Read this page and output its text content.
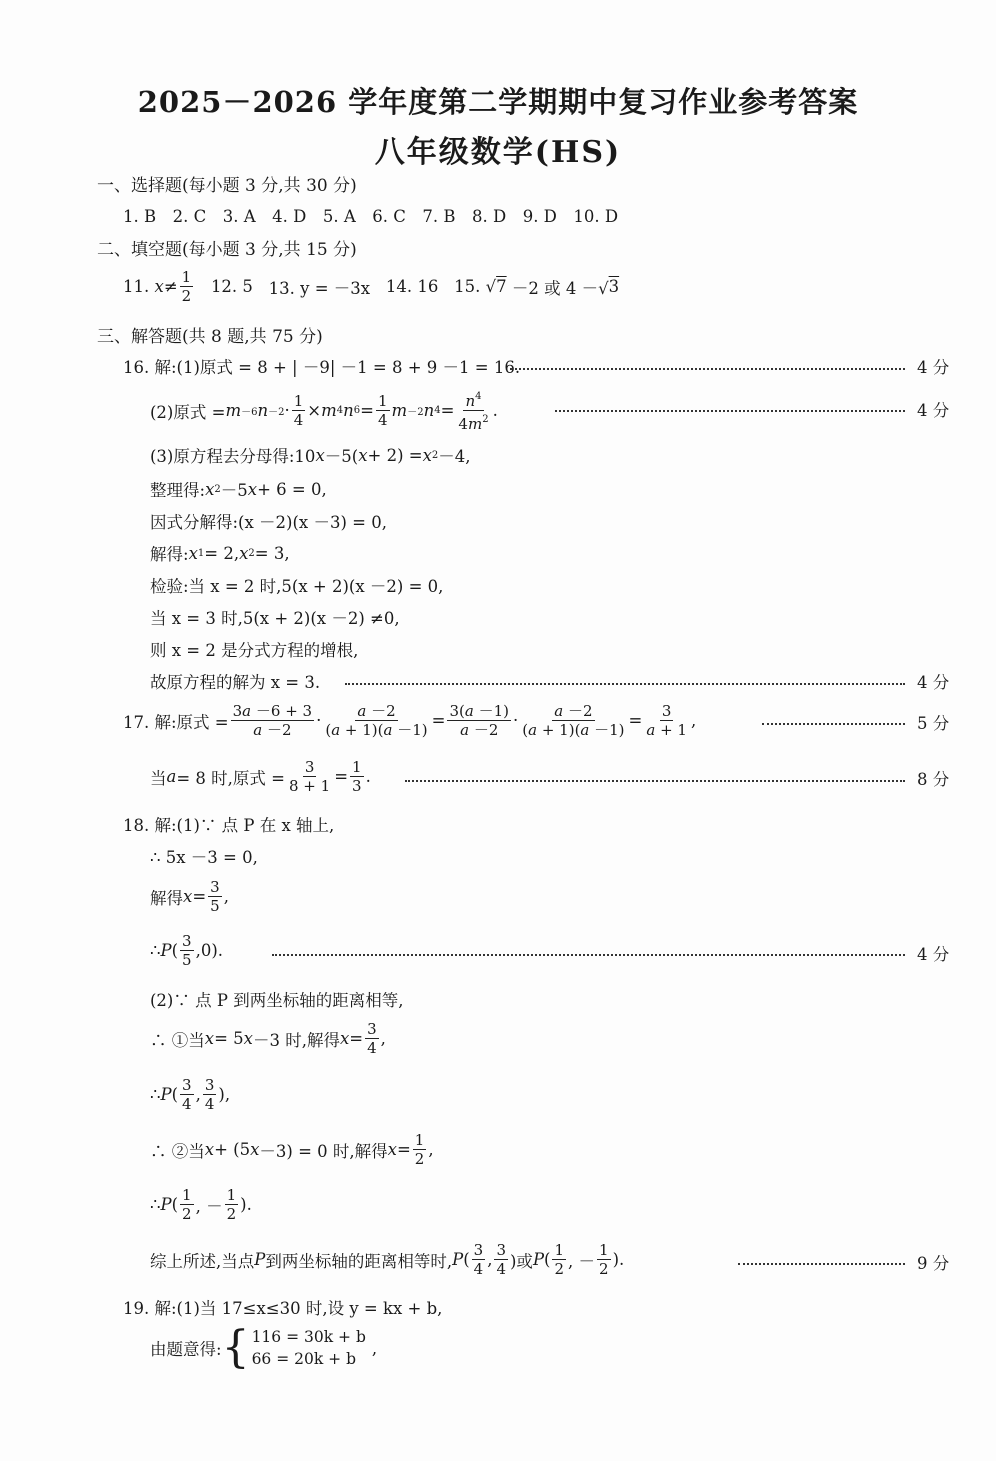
2025－2026 学年度第二学期期中复习作业参考答案
八年级数学(HS)
一、选择题(每小题 3 分,共 30 分)
1. B　2. C　3. A　4. D　5. A　6. C　7. B　8. D　9. D　10. D
二、填空题(每小题 3 分,共 15 分)
11.
$x \ne \frac{1}{2}$
12. 5
13. y = －3x
14. 16
15. √ 7 －2 或 4 －√ 3
三、解答题(共 8 题,共 75 分)
16. 解:(1)原式 = 8 + | －9| －1 = 8 + 9 －1 = 16.	4 分
(2)原式 = m －6 $n -2 \cdot \frac{1}{4} \times m$ 4 n $6 = \frac{1}{4}$ m －2 n $4 = \frac{n^4}{4m^2}$ .	4 分
(3)原方程去分母得:10 x －5( x + 2) = x 2 －4,
整理得: x 2 －5 x + 6 = 0,
因式分解得:(x －2)(x －3) = 0,
解得: x 1 = 2, x 2 = 3,
检验:当 x = 2 时,5(x + 2)(x －2) = 0,
当 x = 3 时,5(x + 2)(x －2) ≠0,
则 x = 2 是分式方程的增根,
故原方程的解为 x = 3.	4 分
17. 解:原式 = $\frac{3a -6 + 3}{a -2} \cdot \frac{a -2}{(a + 1)(a -1)} = \frac{3(a -1)}{a -2} \cdot \frac{a -2}{(a + 1)(a -1)} = \frac{3}{a + 1}$ ,	5 分
当 a = 8 时,原式 = $\frac{3}{8 + 1} = \frac{1}{3}$ .	8 分
18. 解:(1)∵ 点 P 在 x 轴上,
∴ 5x －3 = 0,
解得 $x = \frac{3}{5}$ ,
∴ P ( $\frac{3}{5} ,0$).	4 分
(2)∵ 点 P 到两坐标轴的距离相等,
∴ ①当 x = 5 x －3 时,解得 $x = \frac{3}{4}$ ,
∴ P ( $\frac{3}{4}$ , $\frac{3}{4}$ ),
∴ ②当 x + (5 x －3) = 0 时,解得 $x = \frac{1}{2}$ ,
∴ P ( $\frac{1}{2}$ , － $\frac{1}{2}$ ).
综上所述,当点 P 到两坐标轴的距离相等时, P ( $\frac{3}{4}$ , $\frac{3}{4}$ )或 P ( $\frac{1}{2}$ , － $\frac{1}{2}$ ).	9 分
19. 解:(1)当 17≤x≤30 时,设 y = kx + b,
由题意得: { 116 = 30k + b
66 = 20k + b
,
